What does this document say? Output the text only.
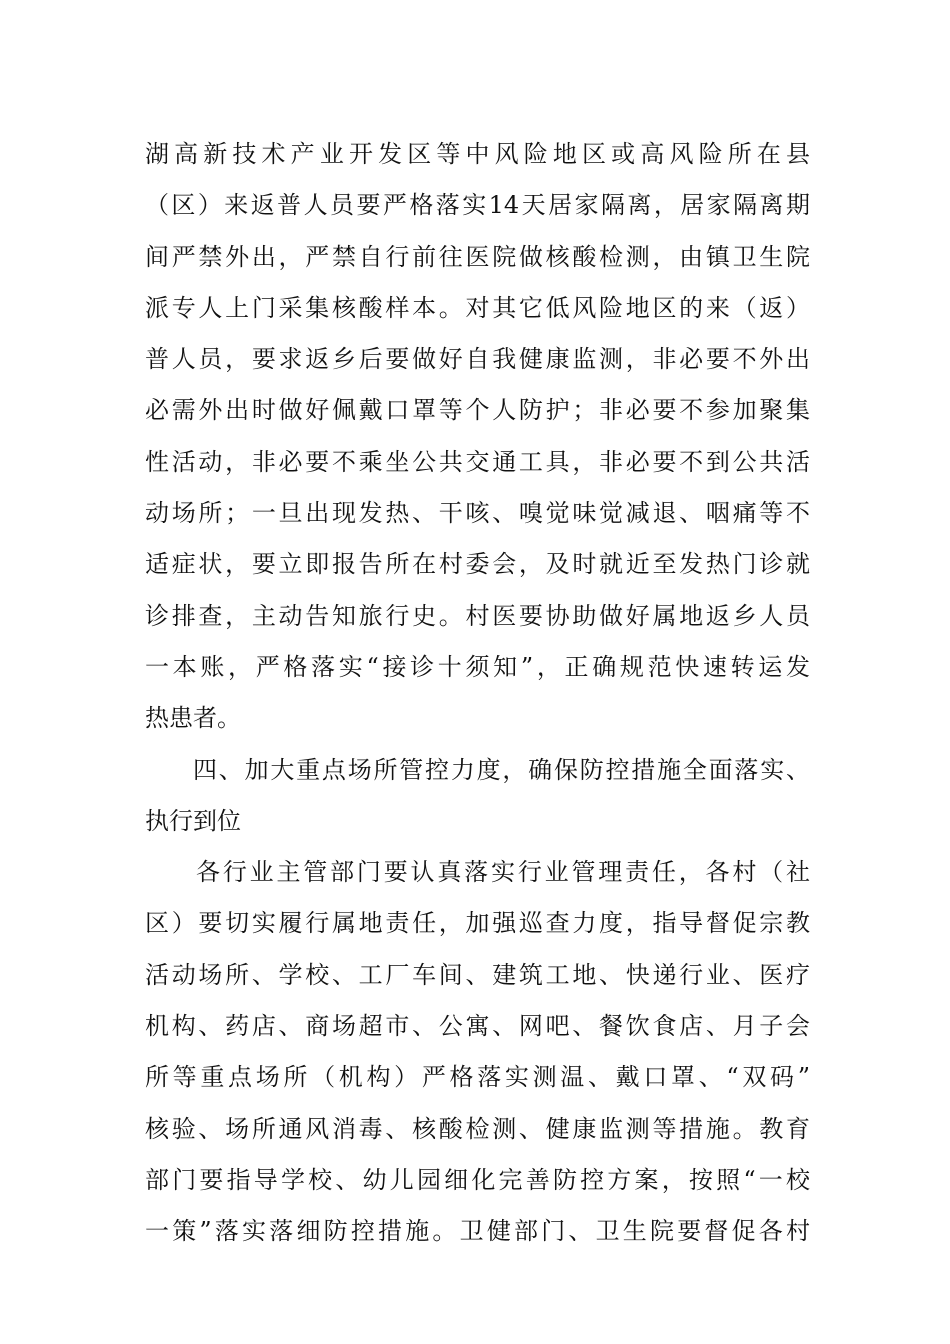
湖高新技术产业开发区等中风险地区或高风险所在县
（区）来返普人员要严格落实14天居家隔离，居家隔离期
间严禁外出，严禁自行前往医院做核酸检测，由镇卫生院
派专人上门采集核酸样本。对其它低风险地区的来（返）
普人员，要求返乡后要做好自我健康监测，非必要不外出
必需外出时做好佩戴口罩等个人防护；非必要不参加聚集
性活动，非必要不乘坐公共交通工具，非必要不到公共活
动场所；一旦出现发热、干咳、嗅觉味觉减退、咽痛等不
适症状，要立即报告所在村委会，及时就近至发热门诊就
诊排查，主动告知旅行史。村医要协助做好属地返乡人员
一本账，严格落实“接诊十须知”，正确规范快速转运发
热患者。
四、加大重点场所管控力度，确保防控措施全面落实、
执行到位
各行业主管部门要认真落实行业管理责任，各村（社
区）要切实履行属地责任，加强巡查力度，指导督促宗教
活动场所、学校、工厂车间、建筑工地、快递行业、医疗
机构、药店、商场超市、公寓、网吧、餐饮食店、月子会
所等重点场所（机构）严格落实测温、戴口罩、“双码”
核验、场所通风消毒、核酸检测、健康监测等措施。教育
部门要指导学校、幼儿园细化完善防控方案，按照“一校
一策”落实落细防控措施。卫健部门、卫生院要督促各村
